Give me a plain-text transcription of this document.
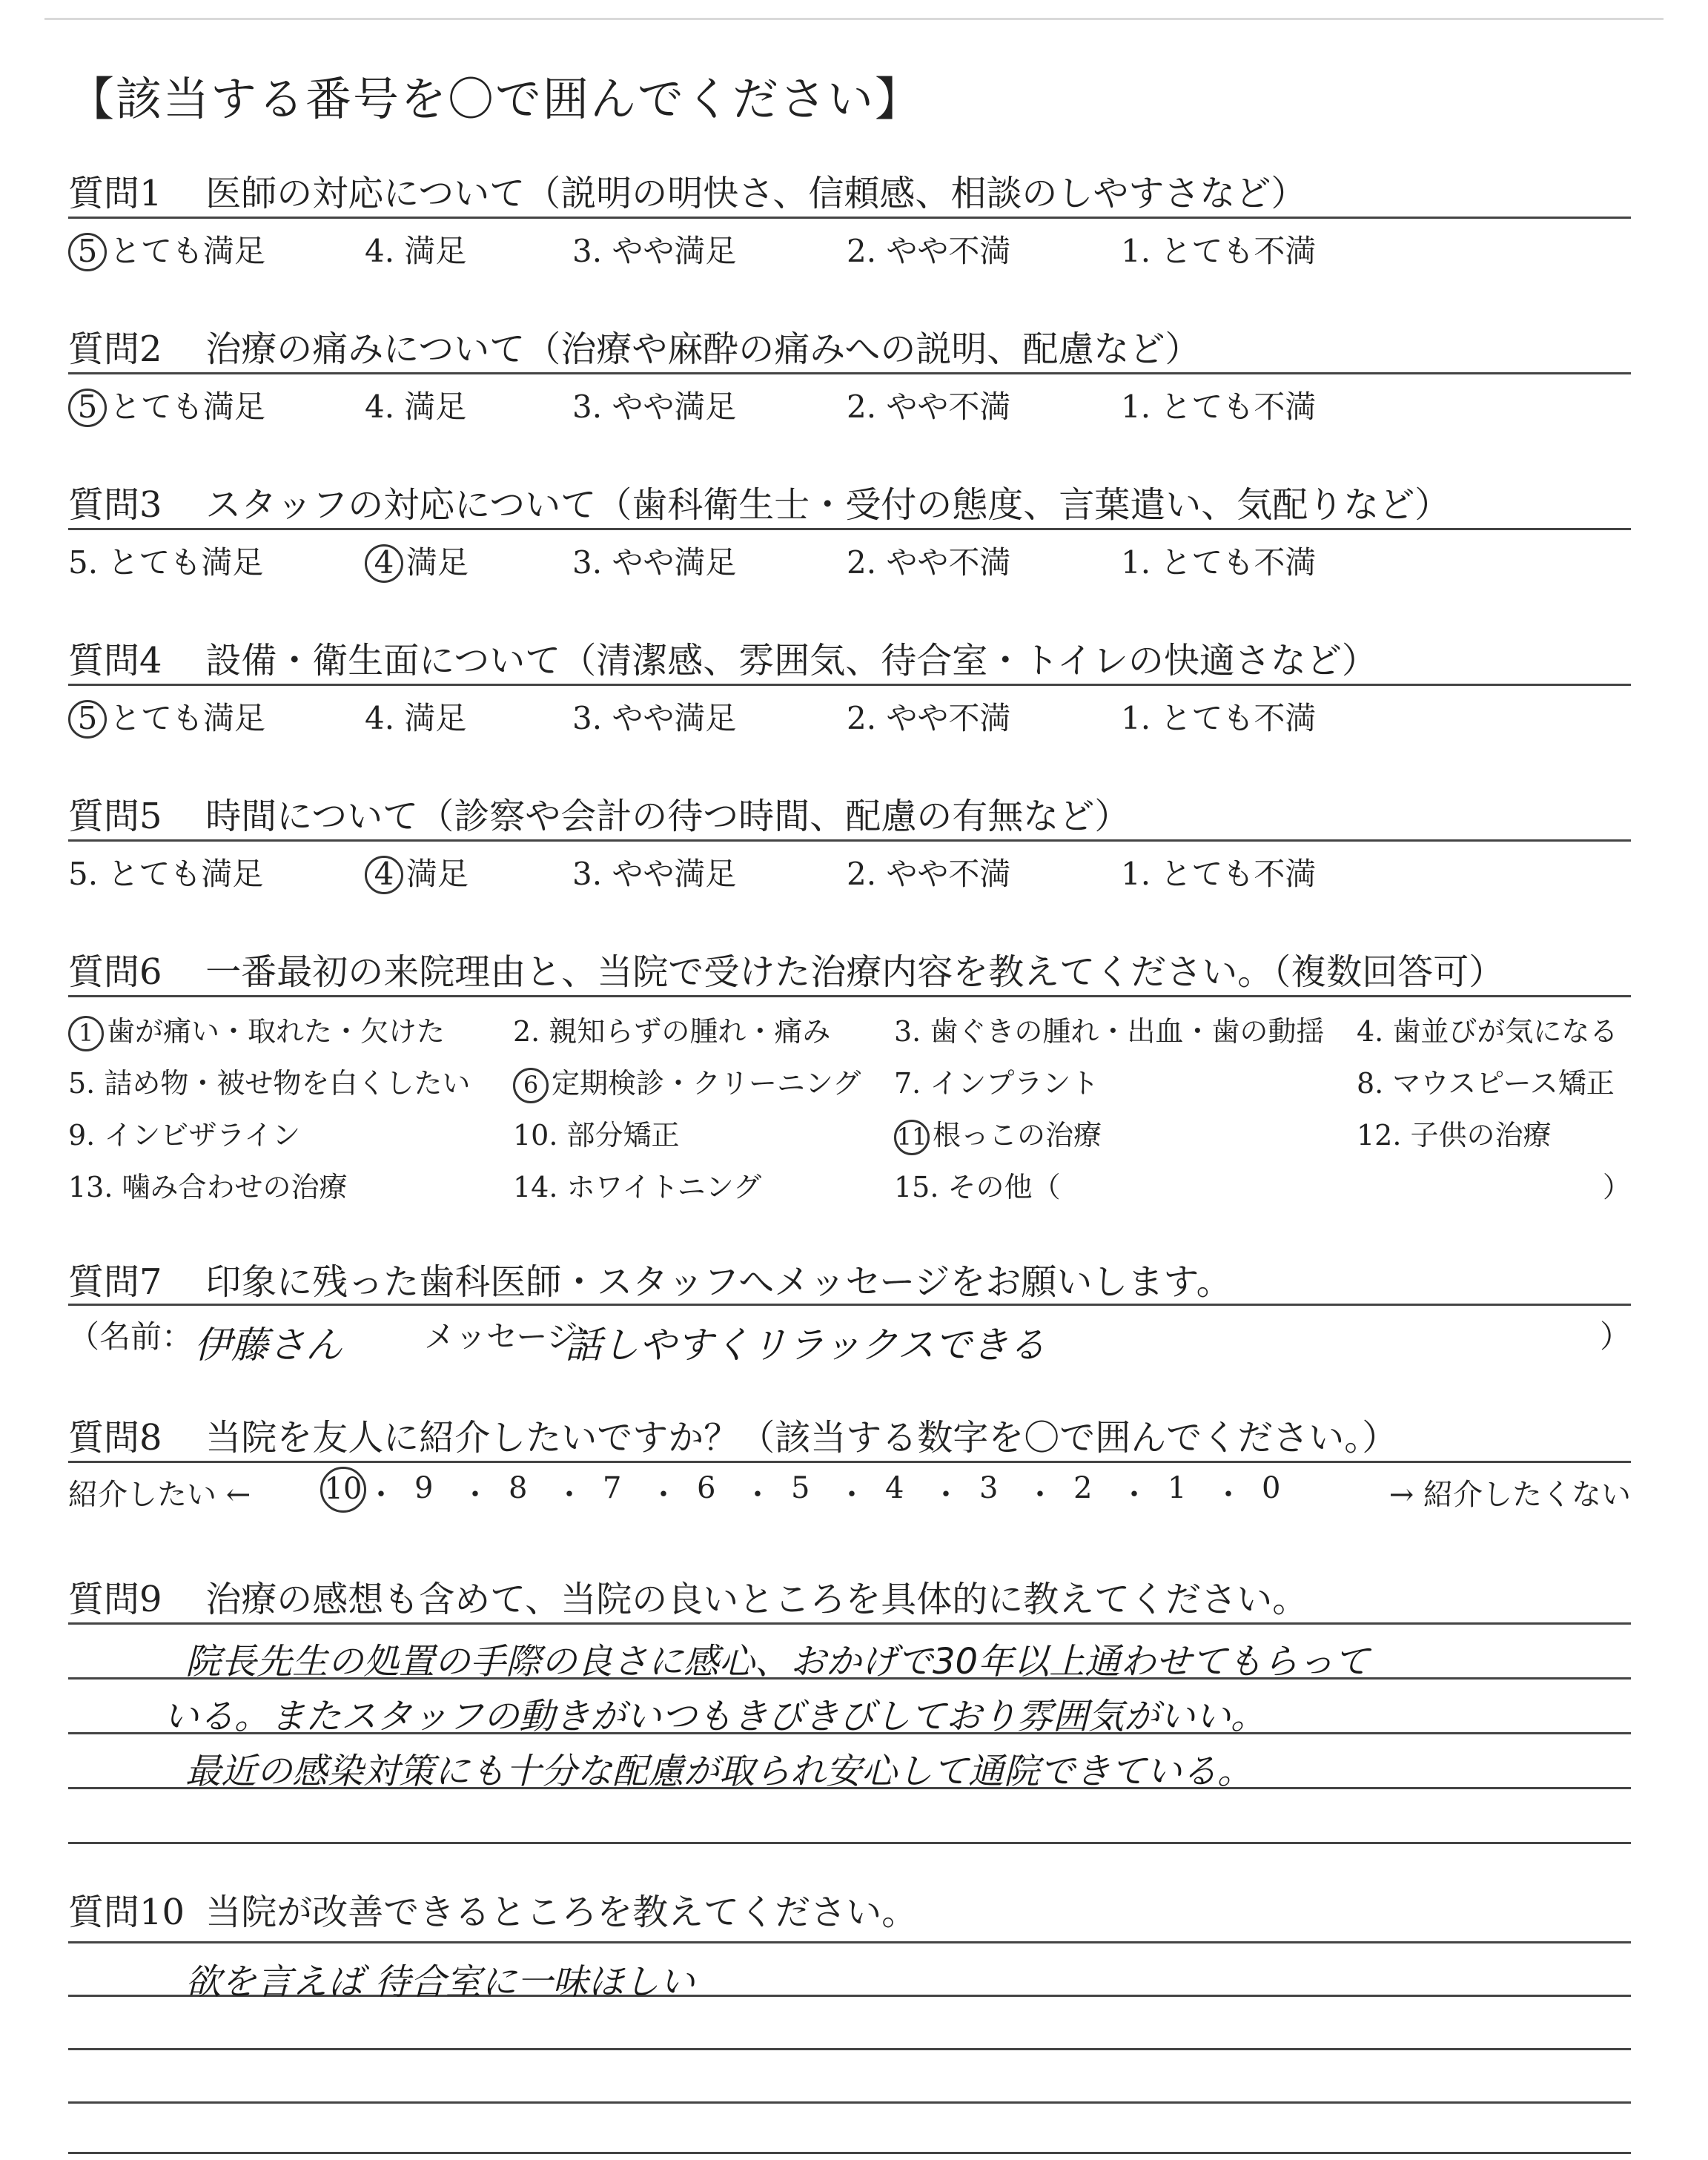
【該当する番号を〇で囲んでください】
質問1 医師の対応について（説明の明快さ、信頼感、相談のしやすさなど）
5 とても満足	4. 満足	3. やや満足	2. やや不満	1. とても不満
質問2 治療の痛みについて（治療や麻酔の痛みへの説明、配慮など）
5 とても満足	4. 満足	3. やや満足	2. やや不満	1. とても不満
質問3 スタッフの対応について（歯科衛生士・受付の態度、言葉遣い、気配りなど）
5. とても満足	4 満足	3. やや満足	2. やや不満	1. とても不満
質問4 設備・衛生面について（清潔感、雰囲気、待合室・トイレの快適さなど）
5 とても満足	4. 満足	3. やや満足	2. やや不満	1. とても不満
質問5 時間について（診察や会計の待つ時間、配慮の有無など）
5. とても満足	4 満足	3. やや満足	2. やや不満	1. とても不満
質問6 一番最初の来院理由と、当院で受けた治療内容を教えてください。（複数回答可）
1 歯が痛い・取れた・欠けた 2. 親知らずの腫れ・痛み 3. 歯ぐきの腫れ・出血・歯の動揺 4. 歯並びが気になる
5. 詰め物・被せ物を白くしたい	6 定期検診・クリーニング 7. インプラント	8. マウスピース矯正
9. インビザライン	10. 部分矯正	11 根っこの治療	12. 子供の治療
13. 噛み合わせの治療	14. ホワイトニング	15. その他（	）
質問7 印象に残った歯科医師・スタッフへメッセージをお願いします。
（名前： 伊藤さん	メッセージ：
話しやすくリラックスできる	）
質問8 当院を友人に紹介したいですか？（該当する数字を〇で囲んでください。）
紹介したい ←	→ 紹介したくない
10 ・ 9 ・ 8 ・ 7 ・ 6 ・ 5 ・ 4 ・ 3 ・ 2 ・ 1 ・ 0
質問9 治療の感想も含めて、当院の良いところを具体的に教えてください。
院長先生の処置の手際の良さに感心、おかげで30年以上通わせてもらって
いる。またスタッフの動きがいつもきびきびしており雰囲気がいい。
最近の感染対策にも十分な配慮が取られ安心して通院できている。
質問10 当院が改善できるところを教えてください。
欲を言えば 待合室に一味ほしい
